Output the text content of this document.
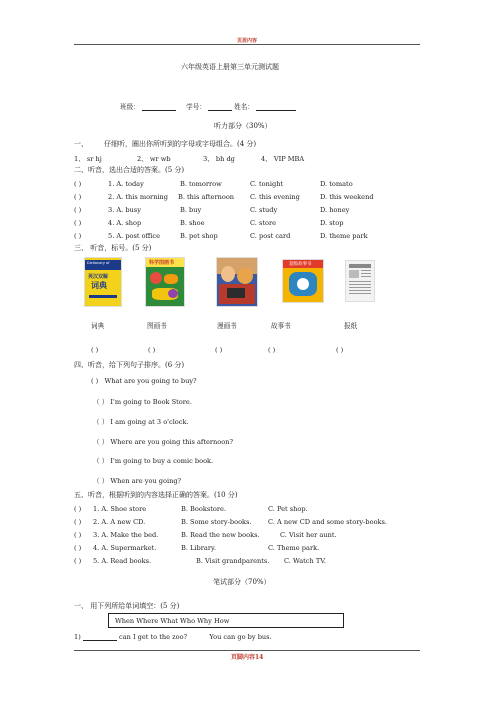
页眉内容
六年级英语上册第三单元测试题
班级：	学号：	姓名：
听力部分（30%）
一、 仔细听，圈出你所听到的字母或字母组合。(4 分)
1、 sr hj	2、 wr wb	3、 bh dg	4、 VIP MBA
二、听音，选出合适的答案。(5 分)
( )	1. A. today	B. tomorrow	C. tonight	D. tomato
( )	2. A. this morning B. this afternoon C. this evening	D. this weekend
( )	3. A. busy	B. buy	C. study	D. honey
( )	4. A. shop	B. shoe	C. store	D. stop
( )	5. A. post office	B. pet shop	C. post card	D. theme park
三、 听音，标号。(5 分)
Dictionary of
英汉双解
词典
科学图画书	超级故事书
词典	图画书	漫画书	故事书	报纸
( )	( )	( )	( )	( )
四、听音，给下列句子排序。(6 分)
( ) What are you going to buy?
（ ） I'm going to Book Store.
（ ） I am going at 3 o'clock.
（ ） Where are you going this afternoon?
（ ） I'm going to buy a comic book.
（ ） When are you going?
五、听音，根据听到的内容选择正确的答案。(10 分)
( ) 1. A. Shoe store	B. Bookstore.	C. Pet shop.
( ) 2. A. A new CD.	B. Some story-books. C. A new CD and some story-books.
( ) 3. A. Make the bed.	B. Read the new books.	C. Visit her aunt.
( ) 4. A. Supermarket.	B. Library.	C. Theme park.
( ) 5. A. Read books.	B. Visit grandparents. C. Watch TV.
笔试部分（70%）
一、 用下列所给单词填空：(5 分)
When Where What Who Why How
1)	can I get to the zoo?	You can go by bus.
页脚内容14
